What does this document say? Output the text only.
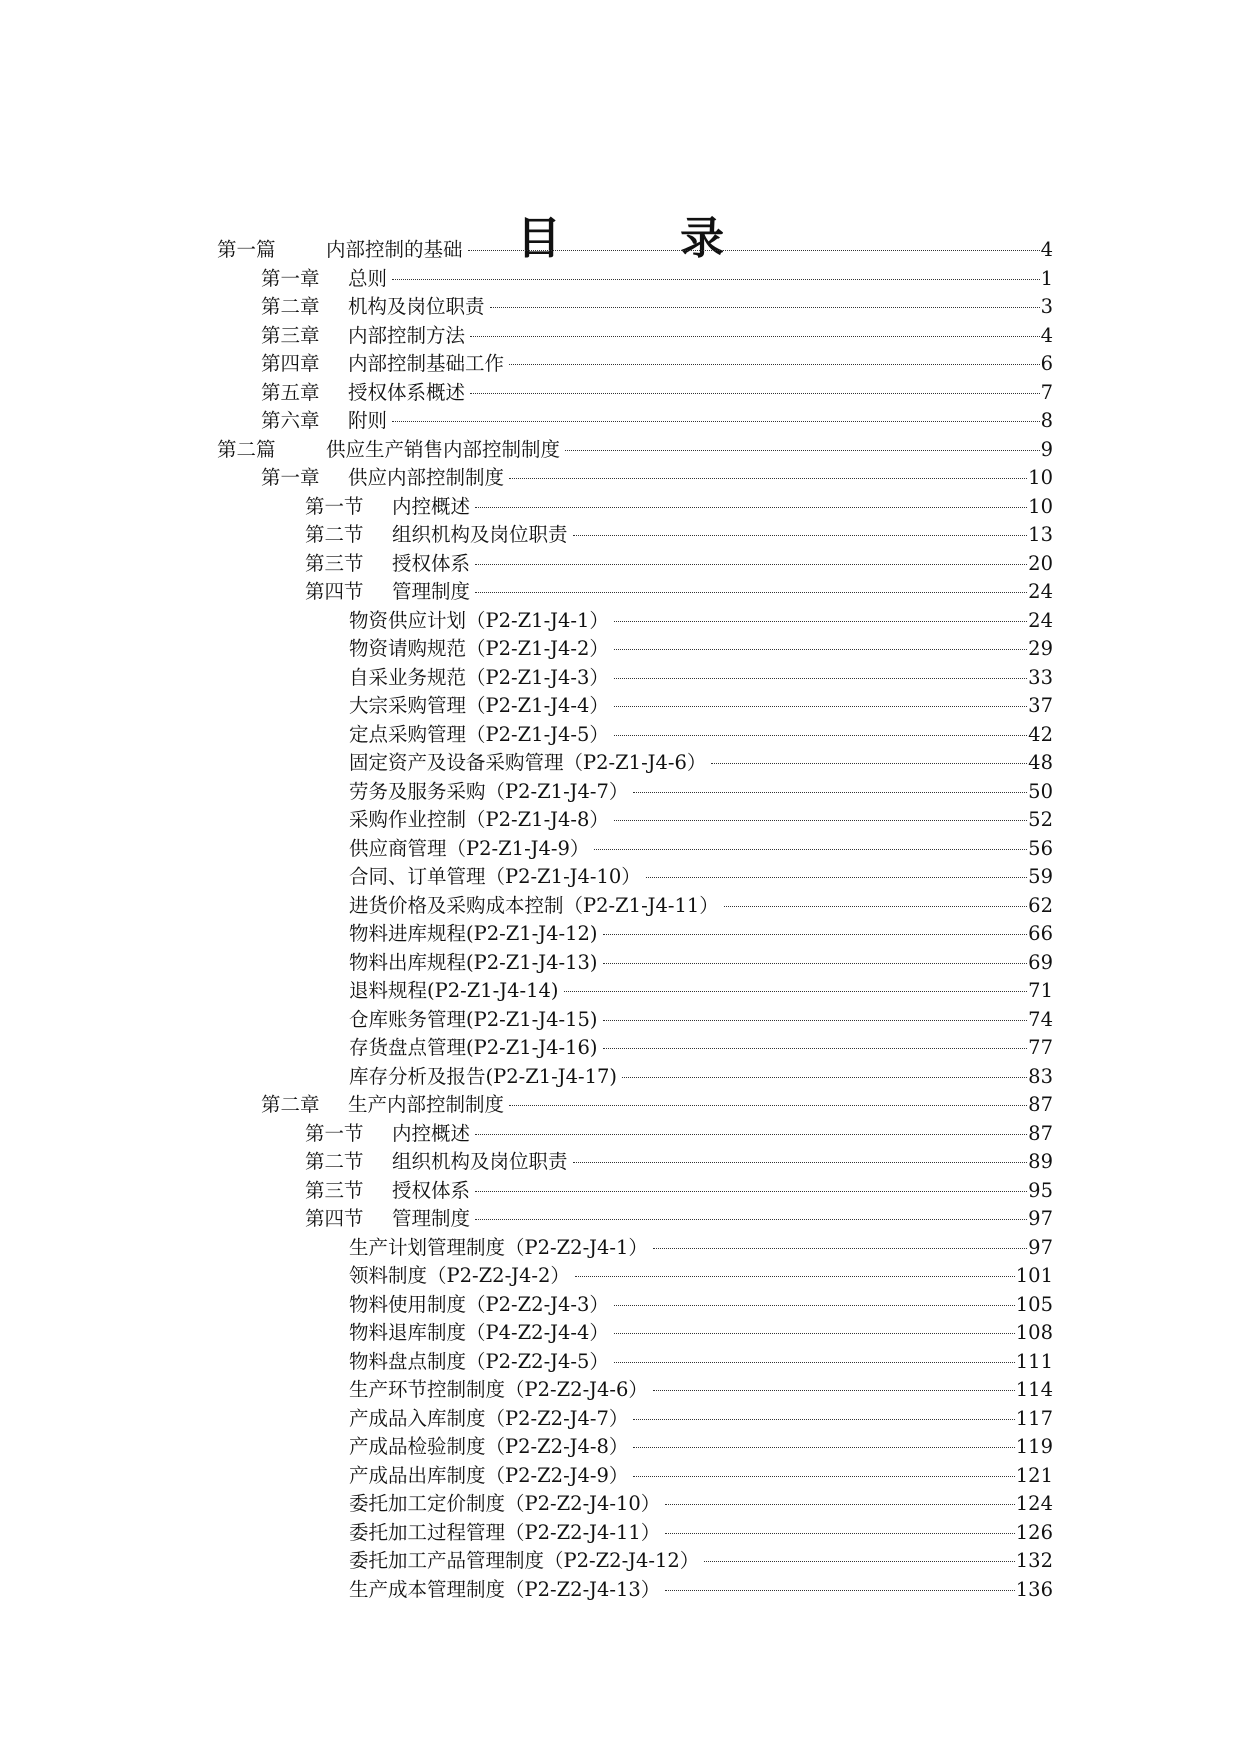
目 录
第一篇	内部控制的基础	4
第一章	总则	1
第二章	机构及岗位职责	3
第三章	内部控制方法	4
第四章	内部控制基础工作	6
第五章	授权体系概述	7
第六章	附则	8
第二篇	供应生产销售内部控制制度	9
第一章	供应内部控制制度	10
第一节	内控概述	10
第二节	组织机构及岗位职责	13
第三节	授权体系	20
第四节	管理制度	24
物资供应计划（P2-Z1-J4-1）	24
物资请购规范（P2-Z1-J4-2）	29
自采业务规范（P2-Z1-J4-3）	33
大宗采购管理（P2-Z1-J4-4）	37
定点采购管理（P2-Z1-J4-5）	42
固定资产及设备采购管理（P2-Z1-J4-6）	48
劳务及服务采购（P2-Z1-J4-7）	50
采购作业控制（P2-Z1-J4-8）	52
供应商管理（P2-Z1-J4-9）	56
合同、订单管理（P2-Z1-J4-10）	59
进货价格及采购成本控制（P2-Z1-J4-11）	62
物料进库规程(P2-Z1-J4-12)	66
物料出库规程(P2-Z1-J4-13)	69
退料规程(P2-Z1-J4-14)	71
仓库账务管理(P2-Z1-J4-15)	74
存货盘点管理(P2-Z1-J4-16)	77
库存分析及报告(P2-Z1-J4-17)	83
第二章	生产内部控制制度	87
第一节	内控概述	87
第二节	组织机构及岗位职责	89
第三节	授权体系	95
第四节	管理制度	97
生产计划管理制度（P2-Z2-J4-1）	97
领料制度（P2-Z2-J4-2）	101
物料使用制度（P2-Z2-J4-3）	105
物料退库制度（P4-Z2-J4-4）	108
物料盘点制度（P2-Z2-J4-5）	111
生产环节控制制度（P2-Z2-J4-6）	114
产成品入库制度（P2-Z2-J4-7）	117
产成品检验制度（P2-Z2-J4-8）	119
产成品出库制度（P2-Z2-J4-9）	121
委托加工定价制度（P2-Z2-J4-10）	124
委托加工过程管理（P2-Z2-J4-11）	126
委托加工产品管理制度（P2-Z2-J4-12）	132
生产成本管理制度（P2-Z2-J4-13）	136
